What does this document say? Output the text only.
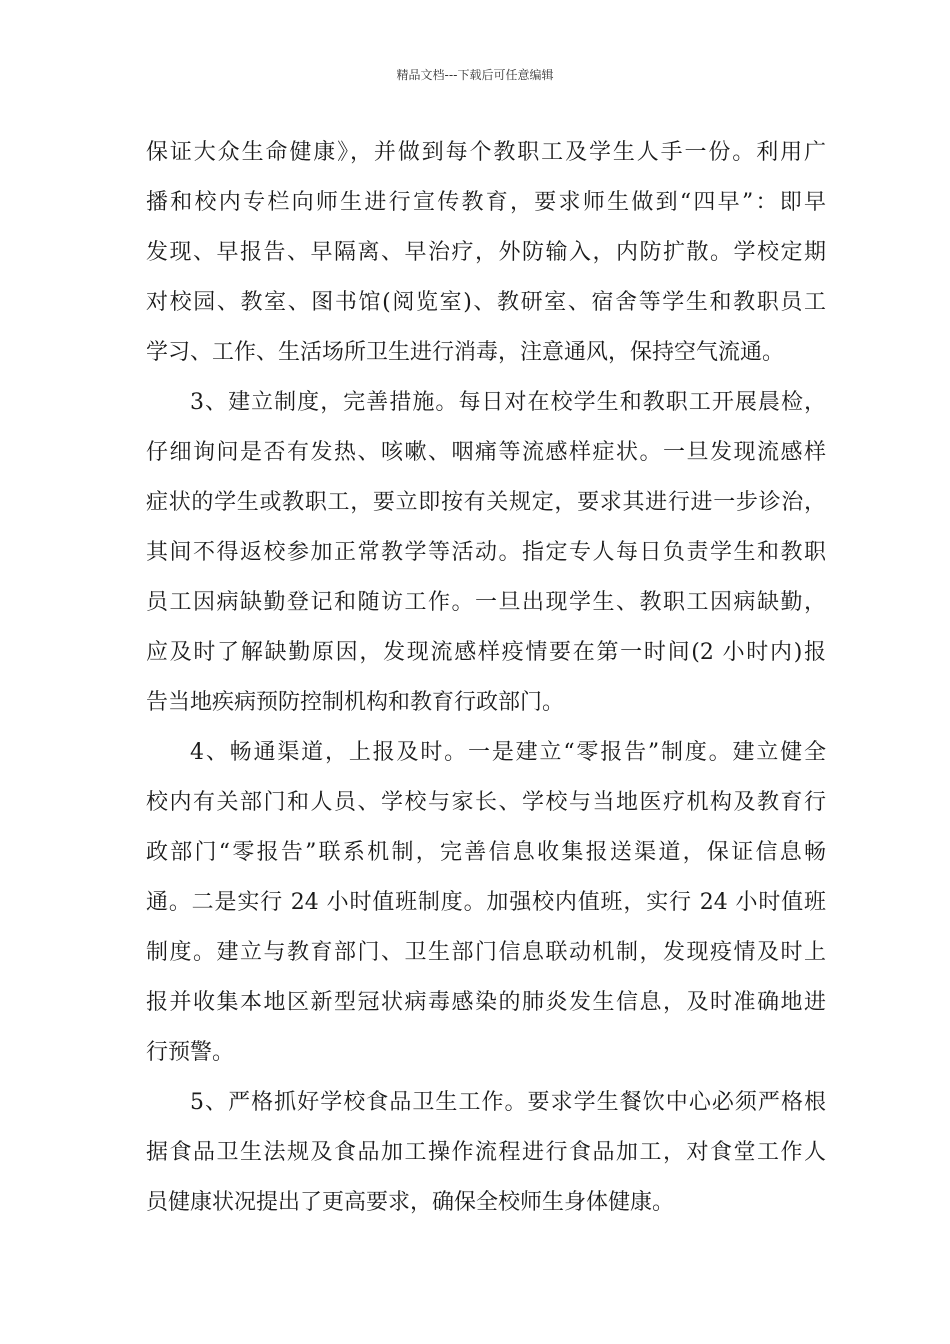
精品文档---下载后可任意编辑
保证大众生命健康》，并做到每个教职工及学生人手一份。利用广
播和校内专栏向师生进行宣传教育，要求师生做到“四早”：即早
发现、早报告、早隔离、早治疗，外防输入，内防扩散。学校定期
对校园、教室、图书馆(阅览室)、教研室、宿舍等学生和教职员工
学习、工作、生活场所卫生进行消毒，注意通风，保持空气流通。
3、建立制度，完善措施。每日对在校学生和教职工开展晨检，
仔细询问是否有发热、咳嗽、咽痛等流感样症状。一旦发现流感样
症状的学生或教职工，要立即按有关规定，要求其进行进一步诊治，
其间不得返校参加正常教学等活动。指定专人每日负责学生和教职
员工因病缺勤登记和随访工作。一旦出现学生、教职工因病缺勤，
应及时了解缺勤原因，发现流感样疫情要在第一时间(2 小时内)报
告当地疾病预防控制机构和教育行政部门。
4、畅通渠道，上报及时。一是建立“零报告”制度。建立健全
校内有关部门和人员、学校与家长、学校与当地医疗机构及教育行
政部门“零报告”联系机制，完善信息收集报送渠道，保证信息畅
通。二是实行 24 小时值班制度。加强校内值班，实行 24 小时值班
制度。建立与教育部门、卫生部门信息联动机制，发现疫情及时上
报并收集本地区新型冠状病毒感染的肺炎发生信息，及时准确地进
行预警。
5、严格抓好学校食品卫生工作。要求学生餐饮中心必须严格根
据食品卫生法规及食品加工操作流程进行食品加工，对食堂工作人
员健康状况提出了更高要求，确保全校师生身体健康。
